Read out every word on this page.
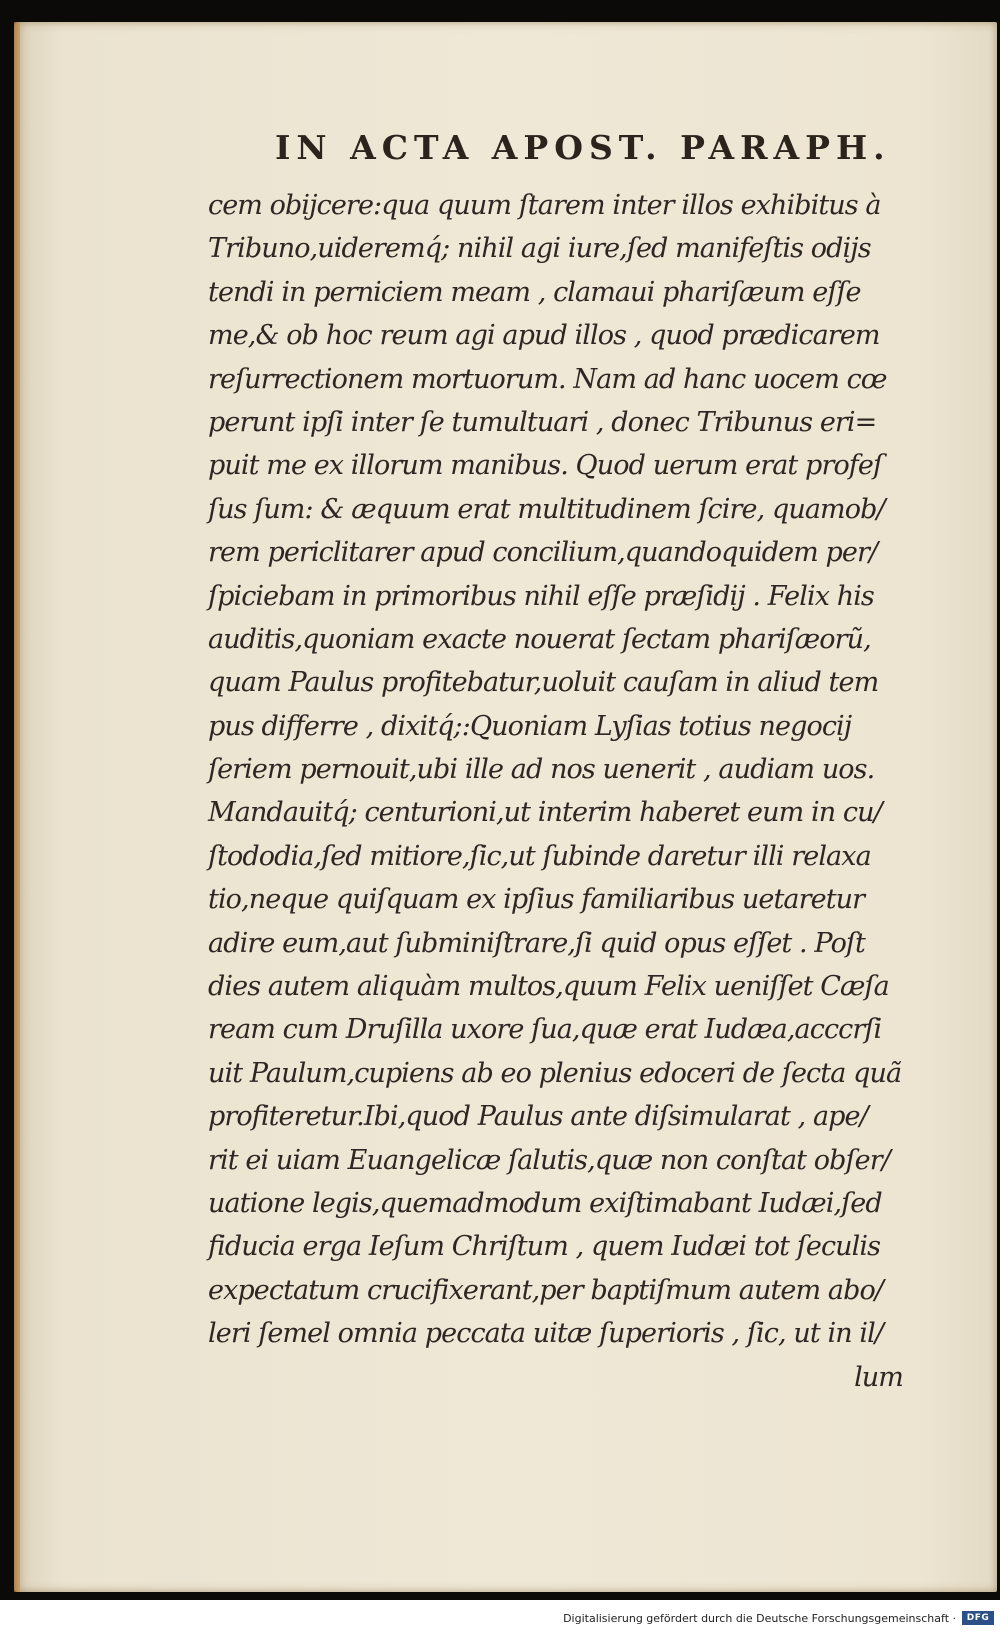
IN ACTA APOST. PARAPH.
cem obijcere:qua quum ſtarem inter illos exhibitus à
Tribuno,uideremq́; nihil agi iure,ſed manifeſtis odijs
tendi in perniciem meam , clamaui phariſæum eſſe
me,& ob hoc reum agi apud illos , quod prædicarem
reſurrectionem mortuorum. Nam ad hanc uocem cœ
perunt ipſi inter ſe tumultuari , donec Tribunus eri=
puit me ex illorum manibus. Quod uerum erat profeſ
ſus ſum: & æquum erat multitudinem ſcire, quamob/
rem periclitarer apud concilium,quandoquidem per/
ſpiciebam in primoribus nihil eſſe præſidij . Felix his
auditis,quoniam exacte nouerat ſectam phariſæorũ,
quam Paulus profitebatur,uoluit cauſam in aliud tem
pus differre , dixitq́;:Quoniam Lyſias totius negocij
ſeriem pernouit,ubi ille ad nos uenerit , audiam uos.
Mandauitq́; centurioni,ut interim haberet eum in cu/
ſtododia,ſed mitiore,ſic,ut ſubinde daretur illi relaxa
tio,neque quiſquam ex ipſius familiaribus uetaretur
adire eum,aut ſubminiſtrare,ſi quid opus eſſet . Poſt
dies autem aliquàm multos,quum Felix ueniſſet Cæſa
ream cum Druſilla uxore ſua,quæ erat Iudæa,acccrſi
uit Paulum,cupiens ab eo plenius edoceri de ſecta quã
profiteretur.Ibi,quod Paulus ante diſsimularat , ape/
rit ei uiam Euangelicæ ſalutis,quæ non conſtat obſer/
uatione legis,quemadmodum exiſtimabant Iudæi,ſed
fiducia erga Ieſum Chriſtum , quem Iudæi tot ſeculis
expectatum crucifixerant,per baptiſmum autem abo/
leri ſemel omnia peccata uitæ ſuperioris , ſic, ut in il/
lum
Digitalisierung gefördert durch die Deutsche Forschungsgemeinschaft ·	DFG
